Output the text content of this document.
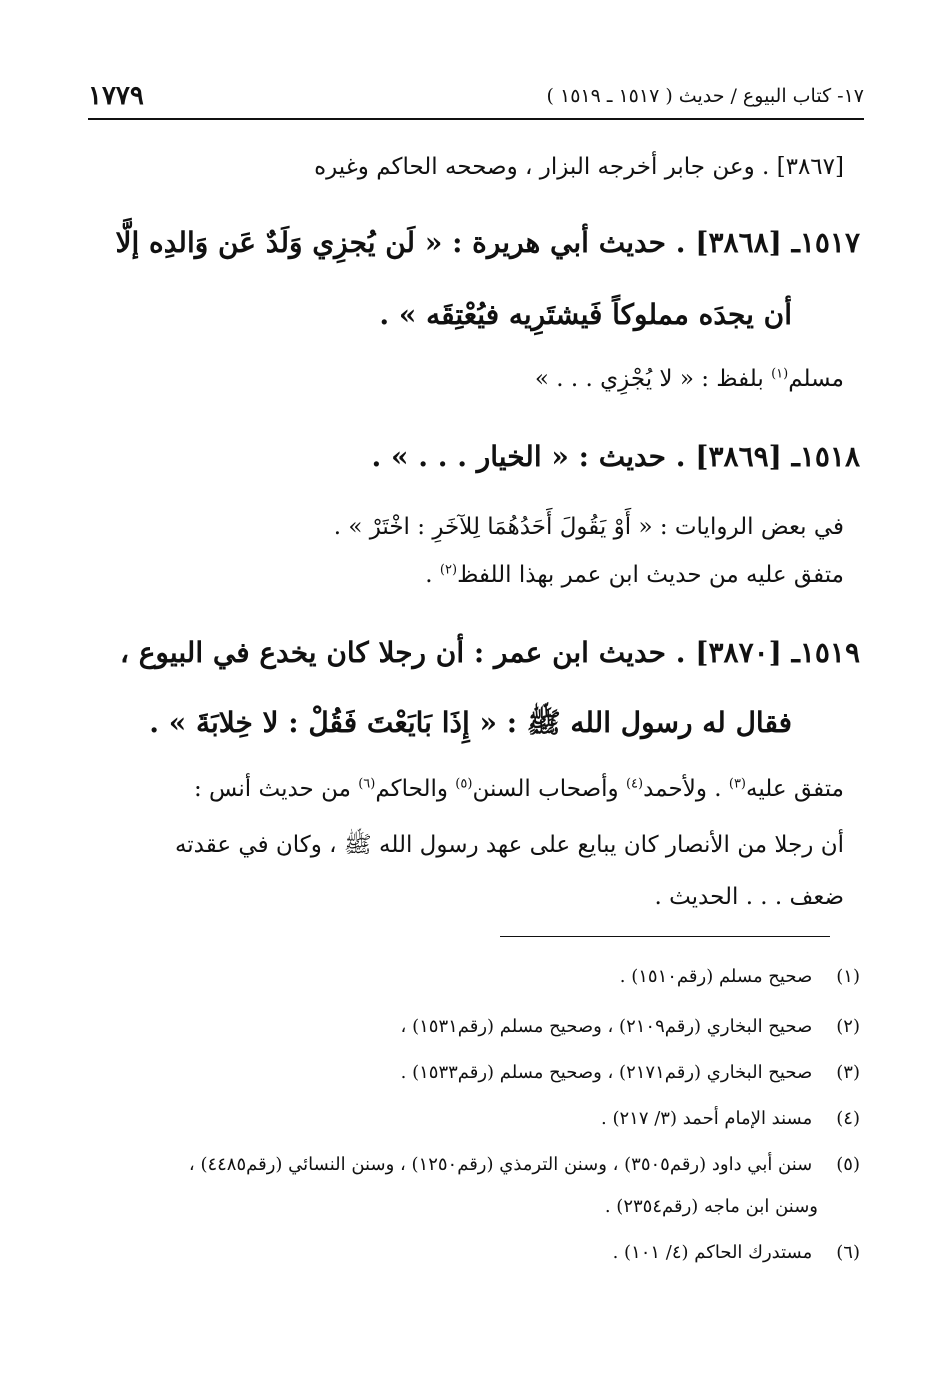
١٧٧٩	١٧- كتاب البيوع / حديث ( ١٥١٧ ـ ١٥١٩ )
[٣٨٦٧] . وعن جابر أخرجه البزار ، وصححه الحاكم وغيره
١٥١٧ـ [٣٨٦٨] . حديث أبي هريرة : « لَن يُجزِي وَلَدٌ عَن وَالدِه إلَّا
أن يجدَه مملوكاً فَيشتَرِيه فيُعْتِقَه » .
مسلم$^{(١)}$ بلفظ : « لا يُجْزِي . . . »
١٥١٨ـ [٣٨٦٩] . حديث : « الخيار . . . » .
في بعض الروايات : « أَوْ يَقُولَ أَحَدُهُمَا لِلآخَرِ : اخْتَرْ » .
متفق عليه من حديث ابن عمر بهذا اللفظ$^{(٢)}$ .
١٥١٩ـ [٣٨٧٠] . حديث ابن عمر : أن رجلا كان يخدع في البيوع ،
فقال له رسول الله ﷺ : « إِذَا بَايَعْتَ فَقُلْ : لا خِلابَةَ » .
متفق عليه$^{(٣)}$ . ولأحمد$^{(٤)}$ وأصحاب السنن$^{(٥)}$ والحاكم$^{(٦)}$ من حديث أنس :
أن رجلا من الأنصار كان يبايع على عهد رسول الله ﷺ ، وكان في عقدته
ضعف . . . الحديث .
(١) صحيح مسلم (رقم١٥١٠) .
(٢) صحيح البخاري (رقم٢١٠٩) ، وصحيح مسلم (رقم١٥٣١) ،
(٣) صحيح البخاري (رقم٢١٧١) ، وصحيح مسلم (رقم١٥٣٣) .
(٤) مسند الإمام أحمد (٣/ ٢١٧) .
(٥) سنن أبي داود (رقم٣٥٠٥) ، وسنن الترمذي (رقم١٢٥٠) ، وسنن النسائي (رقم٤٤٨٥) ،
وسنن ابن ماجه (رقم٢٣٥٤) .
(٦) مستدرك الحاكم (٤/ ١٠١) .
